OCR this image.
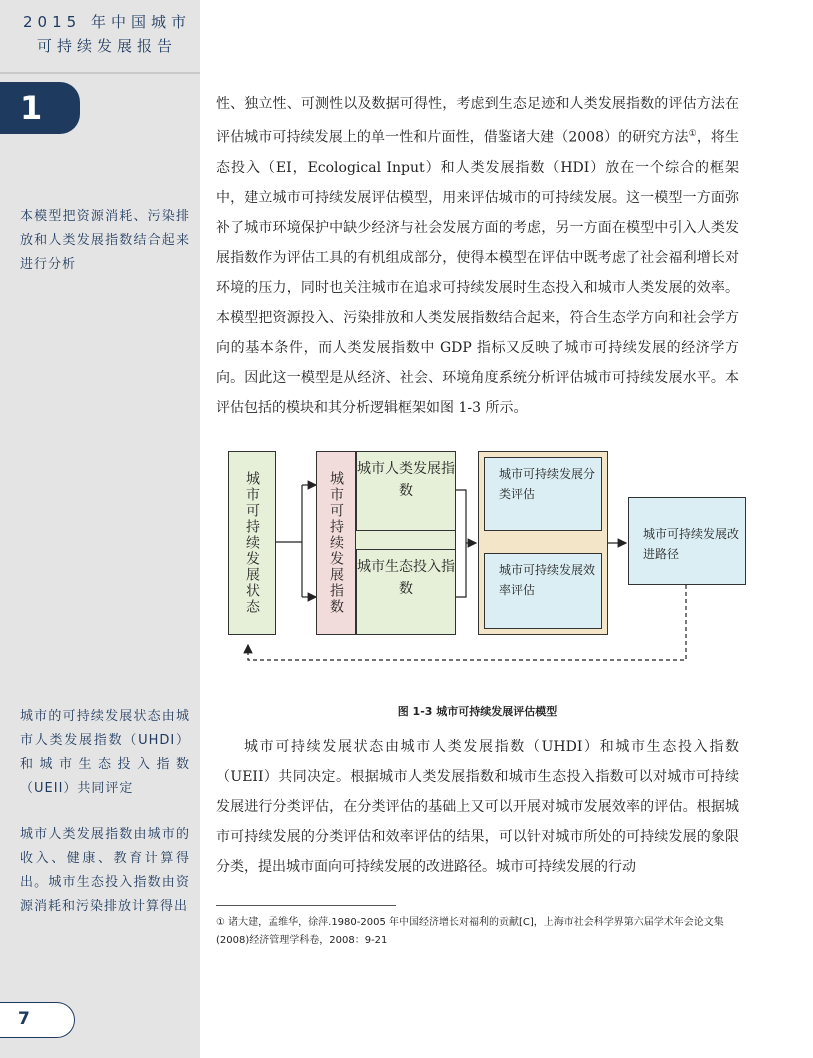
2015 年中国城市
可持续发展报告
1
本模型把资源消耗、污染排放和人类发展指数结合起来进行分析
城市的可持续发展状态由城市人类发展指数（UHDI）和城市生态投入指数（UEII）共同评定
城市人类发展指数由城市的收入、健康、教育计算得出。城市生态投入指数由资源消耗和污染排放计算得出
7

性、独立性、可测性以及数据可得性，考虑到生态足迹和人类发展指数的评估方法在评估城市可持续发展上的单一性和片面性，借鉴诸大建（2008）的研究方法①，将生态投入（EI，Ecological Input）和人类发展指数（HDI）放在一个综合的框架中，建立城市可持续发展评估模型，用来评估城市的可持续发展。这一模型一方面弥补了城市环境保护中缺少经济与社会发展方面的考虑，另一方面在模型中引入人类发展指数作为评估工具的有机组成部分，使得本模型在评估中既考虑了社会福利增长对环境的压力，同时也关注城市在追求可持续发展时生态投入和城市人类发展的效率。本模型把资源投入、污染排放和人类发展指数结合起来，符合生态学方向和社会学方向的基本条件，而人类发展指数中 GDP 指标又反映了城市可持续发展的经济学方向。因此这一模型是从经济、社会、环境角度系统分析评估城市可持续发展水平。本评估包括的模块和其分析逻辑框架如图 1-3 所示。

城市可持续发展状态	城市可持续发展指数
城市人类发展指数
城市生态投入指数
城市可持续发展分类评估
城市可持续发展效率评估
城市可持续发展改进路径
图 1-3 城市可持续发展评估模型

城市可持续发展状态由城市人类发展指数（UHDI）和城市生态投入指数（UEII）共同决定。根据城市人类发展指数和城市生态投入指数可以对城市可持续发展进行分类评估，在分类评估的基础上又可以开展对城市发展效率的评估。根据城市可持续发展的分类评估和效率评估的结果，可以针对城市所处的可持续发展的象限分类，提出城市面向可持续发展的改进路径。城市可持续发展的行动

① 诸大建，孟维华，徐萍.1980-2005 年中国经济增长对福利的贡献[C]，上海市社会科学界第六届学术年会论文集(2008)经济管理学科卷，2008：9-21
